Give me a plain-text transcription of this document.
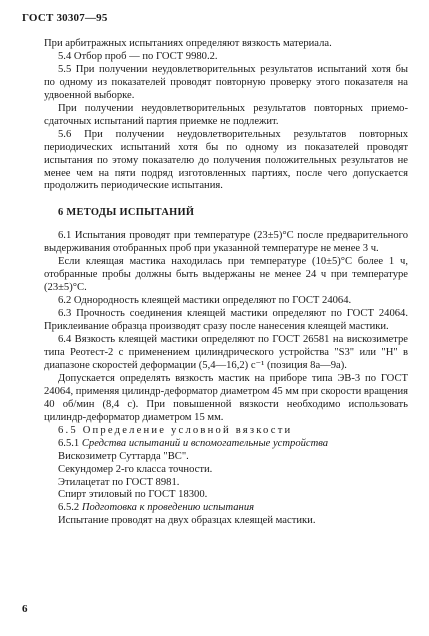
ГОСТ 30307—95

При арбитражных испытаниях определяют вязкость материала.

5.4 Отбор проб — по ГОСТ 9980.2.

5.5 При получении неудовлетворительных результатов испытаний хотя бы по одному из показателей проводят повторную проверку этого показателя на удвоенной выборке.

При получении неудовлетворительных результатов повторных приемо-сдаточных испытаний партия приемке не подлежит.

5.6 При получении неудовлетворительных результатов повторных периодических испытаний хотя бы по одному из показателей проводят испытания по этому показателю до получения положительных результатов не менее чем на пяти подряд изготовленных партиях, после чего допускается продолжить периодические испытания.

6 МЕТОДЫ ИСПЫТАНИЙ

6.1 Испытания проводят при температуре (23±5)°С после предварительного выдерживания отобранных проб при указанной температуре не менее 3 ч.

Если клеящая мастика находилась при температуре (10±5)°С более 1 ч, отобранные пробы должны быть выдержаны не менее 24 ч при температуре (23±5)°С.

6.2 Однородность клеящей мастики определяют по ГОСТ 24064.

6.3 Прочность соединения клеящей мастики определяют по ГОСТ 24064. Приклеивание образца производят сразу после нанесения клеящей мастики.

6.4 Вязкость клеящей мастики определяют по ГОСТ 26581 на вискозиметре типа Реотест-2 с применением цилиндрического устройства "S3" или "Н" в диапазоне скоростей деформации (5,4—16,2) с⁻¹ (позиция 8а—9а).

Допускается определять вязкость мастик на приборе типа ЭВ-3 по ГОСТ 24064, применяя цилиндр-деформатор диаметром 45 мм при скорости вращения 40 об/мин (8,4 с). При повышенной вязкости необходимо использовать цилиндр-деформатор диаметром 15 мм.

6.5 Определение условной вязкости

6.5.1 Средства испытаний и вспомогательные устройства

Вискозиметр Суттарда "ВС".

Секундомер 2-го класса точности.

Этилацетат по ГОСТ 8981.

Спирт этиловый по ГОСТ 18300.

6.5.2 Подготовка к проведению испытания

Испытание проводят на двух образцах клеящей мастики.

6
